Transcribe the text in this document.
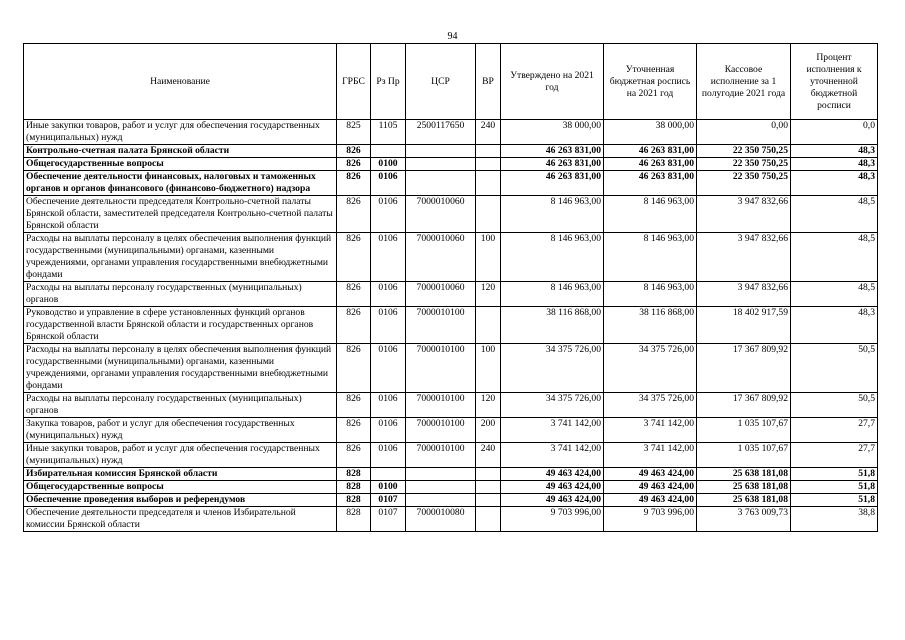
94
Наименование	ГРБС	Рз Пр	ЦСР	ВР	Утверждено на 2021 год	Уточненная бюджетная роспись на 2021 год	Кассовое исполнение за 1 полугодие 2021 года	Процент исполнения к уточненной бюджетной росписи
Иные закупки товаров, работ и услуг для обеспечения государственных (муниципальных) нужд	825	1105	2500117650	240	38 000,00	38 000,00	0,00	0,0
Контрольно-счетная палата Брянской области	826				46 263 831,00	46 263 831,00	22 350 750,25	48,3
Общегосударственные вопросы	826	0100			46 263 831,00	46 263 831,00	22 350 750,25	48,3
Обеспечение деятельности финансовых, налоговых и таможенных органов и органов финансового (финансово-бюджетного) надзора	826	0106			46 263 831,00	46 263 831,00	22 350 750,25	48,3
Обеспечение деятельности председателя Контрольно-счетной палаты Брянской области, заместителей председателя Контрольно-счетной палаты Брянской области	826	0106	7000010060		8 146 963,00	8 146 963,00	3 947 832,66	48,5
Расходы на выплаты персоналу в целях обеспечения выполнения функций государственными (муниципальными) органами, казенными учреждениями, органами управления государственными внебюджетными фондами	826	0106	7000010060	100	8 146 963,00	8 146 963,00	3 947 832,66	48,5
Расходы на выплаты персоналу государственных (муниципальных) органов	826	0106	7000010060	120	8 146 963,00	8 146 963,00	3 947 832,66	48,5
Руководство и управление в сфере установленных функций органов государственной власти Брянской области и государственных органов Брянской области	826	0106	7000010100		38 116 868,00	38 116 868,00	18 402 917,59	48,3
Расходы на выплаты персоналу в целях обеспечения выполнения функций государственными (муниципальными) органами, казенными учреждениями, органами управления государственными внебюджетными фондами	826	0106	7000010100	100	34 375 726,00	34 375 726,00	17 367 809,92	50,5
Расходы на выплаты персоналу государственных (муниципальных) органов	826	0106	7000010100	120	34 375 726,00	34 375 726,00	17 367 809,92	50,5
Закупка товаров, работ и услуг для обеспечения государственных (муниципальных) нужд	826	0106	7000010100	200	3 741 142,00	3 741 142,00	1 035 107,67	27,7
Иные закупки товаров, работ и услуг для обеспечения государственных (муниципальных) нужд	826	0106	7000010100	240	3 741 142,00	3 741 142,00	1 035 107,67	27,7
Избирательная комиссия Брянской области	828				49 463 424,00	49 463 424,00	25 638 181,08	51,8
Общегосударственные вопросы	828	0100			49 463 424,00	49 463 424,00	25 638 181,08	51,8
Обеспечение проведения выборов и референдумов	828	0107			49 463 424,00	49 463 424,00	25 638 181,08	51,8
Обеспечение деятельности председателя и членов Избирательной комиссии Брянской области	828	0107	7000010080		9 703 996,00	9 703 996,00	3 763 009,73	38,8
